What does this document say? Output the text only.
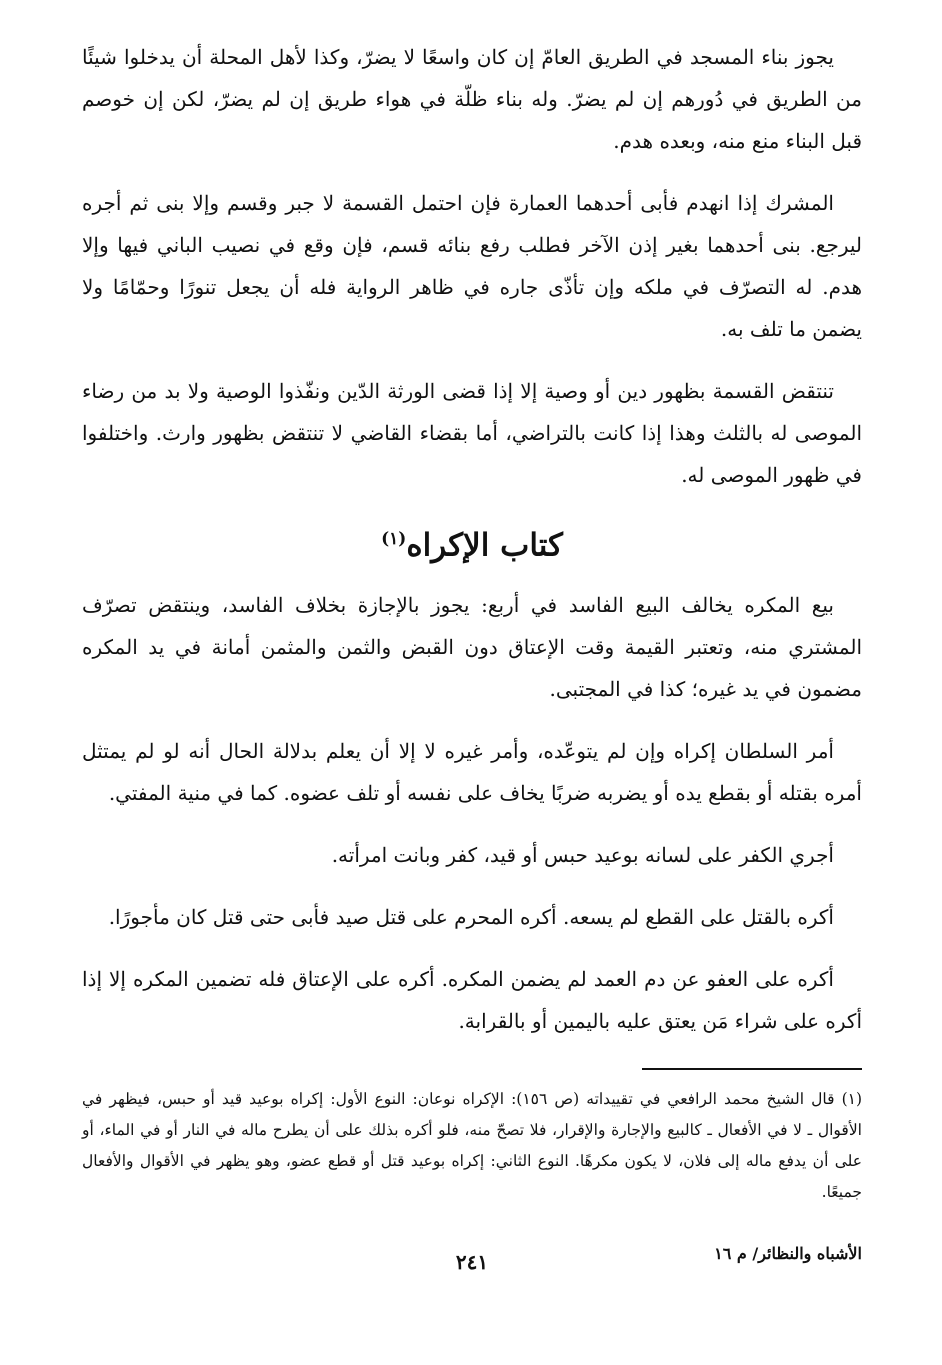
يجوز بناء المسجد في الطريق العامّ إن كان واسعًا لا يضرّ، وكذا لأهل المحلة أن يدخلوا شيئًا من الطريق في دُورهم إن لم يضرّ. وله بناء ظلّة في هواء طريق إن لم يضرّ، لكن إن خوصم قبل البناء منع منه، وبعده هدم.

المشرك إذا انهدم فأبى أحدهما العمارة فإن احتمل القسمة لا جبر وقسم وإلا بنى ثم أجره ليرجع. بنى أحدهما بغير إذن الآخر فطلب رفع بنائه قسم، فإن وقع في نصيب الباني فيها وإلا هدم. له التصرّف في ملكه وإن تأذّى جاره في ظاهر الرواية فله أن يجعل تنورًا وحمّامًا ولا يضمن ما تلف به.

تنتقض القسمة بظهور دين أو وصية إلا إذا قضى الورثة الدّين ونفّذوا الوصية ولا بد من رضاء الموصى له بالثلث وهذا إذا كانت بالتراضي، أما بقضاء القاضي لا تنتقض بظهور وارث. واختلفوا في ظهور الموصى له.

كتاب الإكراه$^{(١)}$

بيع المكره يخالف البيع الفاسد في أربع: يجوز بالإجازة بخلاف الفاسد، وينتقض تصرّف المشتري منه، وتعتبر القيمة وقت الإعتاق دون القبض والثمن والمثمن أمانة في يد المكره مضمون في يد غيره؛ كذا في المجتبى.

أمر السلطان إكراه وإن لم يتوعّده، وأمر غيره لا إلا أن يعلم بدلالة الحال أنه لو لم يمتثل أمره بقتله أو بقطع يده أو يضربه ضربًا يخاف على نفسه أو تلف عضوه. كما في منية المفتي.

أجري الكفر على لسانه بوعيد حبس أو قيد، كفر وبانت امرأته.

أكره بالقتل على القطع لم يسعه. أكره المحرم على قتل صيد فأبى حتى قتل كان مأجورًا.

أكره على العفو عن دم العمد لم يضمن المكره. أكره على الإعتاق فله تضمين المكره إلا إذا أكره على شراء مَن يعتق عليه باليمين أو بالقرابة.

(١) قال الشيخ محمد الرافعي في تقييداته (ص ١٥٦): الإكراه نوعان: النوع الأول: إكراه بوعيد قيد أو حبس، فيظهر في الأقوال ـ لا في الأفعال ـ كالبيع والإجارة والإقرار، فلا تصحّ منه، فلو أكره بذلك على أن يطرح ماله في النار أو في الماء، أو على أن يدفع ماله إلى فلان، لا يكون مكرهًا. النوع الثاني: إكراه بوعيد قتل أو قطع عضو، وهو يظهر في الأقوال والأفعال جميعًا.

الأشباه والنظائر/ م ١٦
٢٤١
